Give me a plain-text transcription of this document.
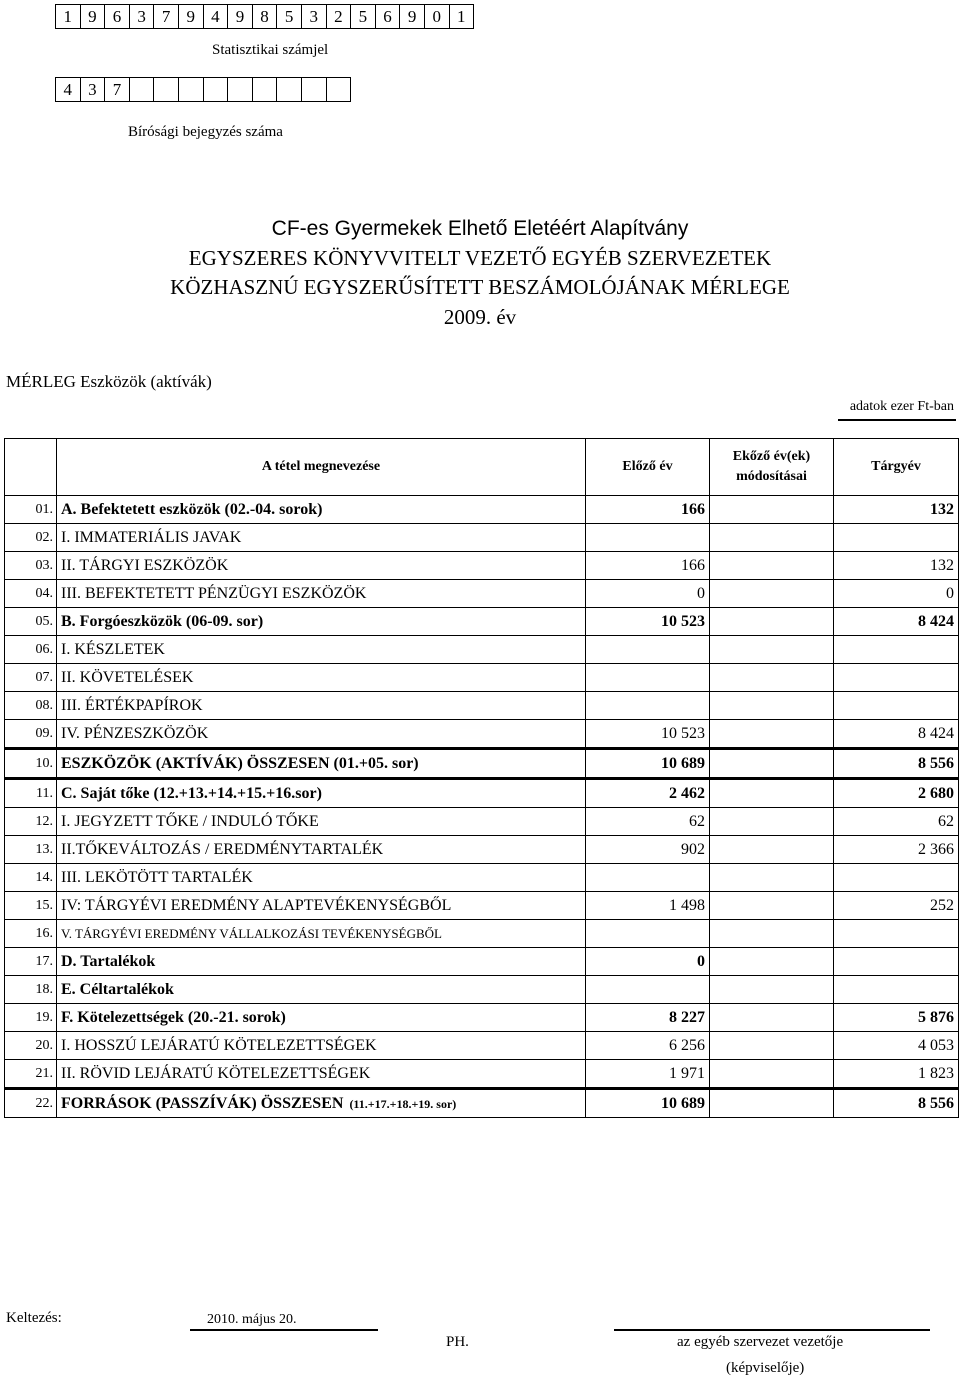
1 9 6 3 7 9 4 9 8 5 3 2 5 6 9 0 1
Statisztikai számjel
4 3 7
Bírósági bejegyzés száma
CF-es Gyermekek Elhető Eletéért Alapítvány
EGYSZERES KÖNYVVITELT VEZETŐ EGYÉB SZERVEZETEK
KÖZHASZNÚ EGYSZERŰSÍTETT BESZÁMOLÓJÁNAK MÉRLEGE
2009. év
MÉRLEG Eszközök (aktívák)
adatok ezer Ft-ban
	A tétel megnevezése	Előző év	Ekőző év(ek) módosításai	Tárgyév
01.	A. Befektetett eszközök (02.-04. sorok)	166		132
02.	I. IMMATERIÁLIS JAVAK			
03.	II. TÁRGYI ESZKÖZÖK	166		132
04.	III. BEFEKTETETT PÉNZÜGYI ESZKÖZÖK	0		0
05.	B. Forgóeszközök (06-09. sor)	10 523		8 424
06.	I. KÉSZLETEK			
07.	II. KÖVETELÉSEK			
08.	III. ÉRTÉKPAPÍROK			
09.	IV. PÉNZESZKÖZÖK	10 523		8 424
10.	ESZKÖZÖK (AKTÍVÁK) ÖSSZESEN (01.+05. sor)	10 689		8 556
11.	C. Saját tőke (12.+13.+14.+15.+16.sor)	2 462		2 680
12.	I. JEGYZETT TŐKE / INDULÓ TŐKE	62		62
13.	II.TŐKEVÁLTOZÁS / EREDMÉNYTARTALÉK	902		2 366
14.	III. LEKÖTÖTT TARTALÉK			
15.	IV: TÁRGYÉVI EREDMÉNY ALAPTEVÉKENYSÉGBŐL	1 498		252
16.	V. TÁRGYÉVI EREDMÉNY VÁLLALKOZÁSI TEVÉKENYSÉGBŐL			
17.	D. Tartalékok	0		
18.	E. Céltartalékok			
19.	F. Kötelezettségek (20.-21. sorok)	8 227		5 876
20.	I. HOSSZÚ LEJÁRATÚ KÖTELEZETTSÉGEK	6 256		4 053
21.	II. RÖVID LEJÁRATÚ KÖTELEZETTSÉGEK	1 971		1 823
22.	FORRÁSOK (PASSZÍVÁK) ÖSSZESEN (11.+17.+18.+19. sor)	10 689		8 556
Keltezés:	2010. május 20.
PH.	az egyéb szervezet vezetője
(képviselője)
